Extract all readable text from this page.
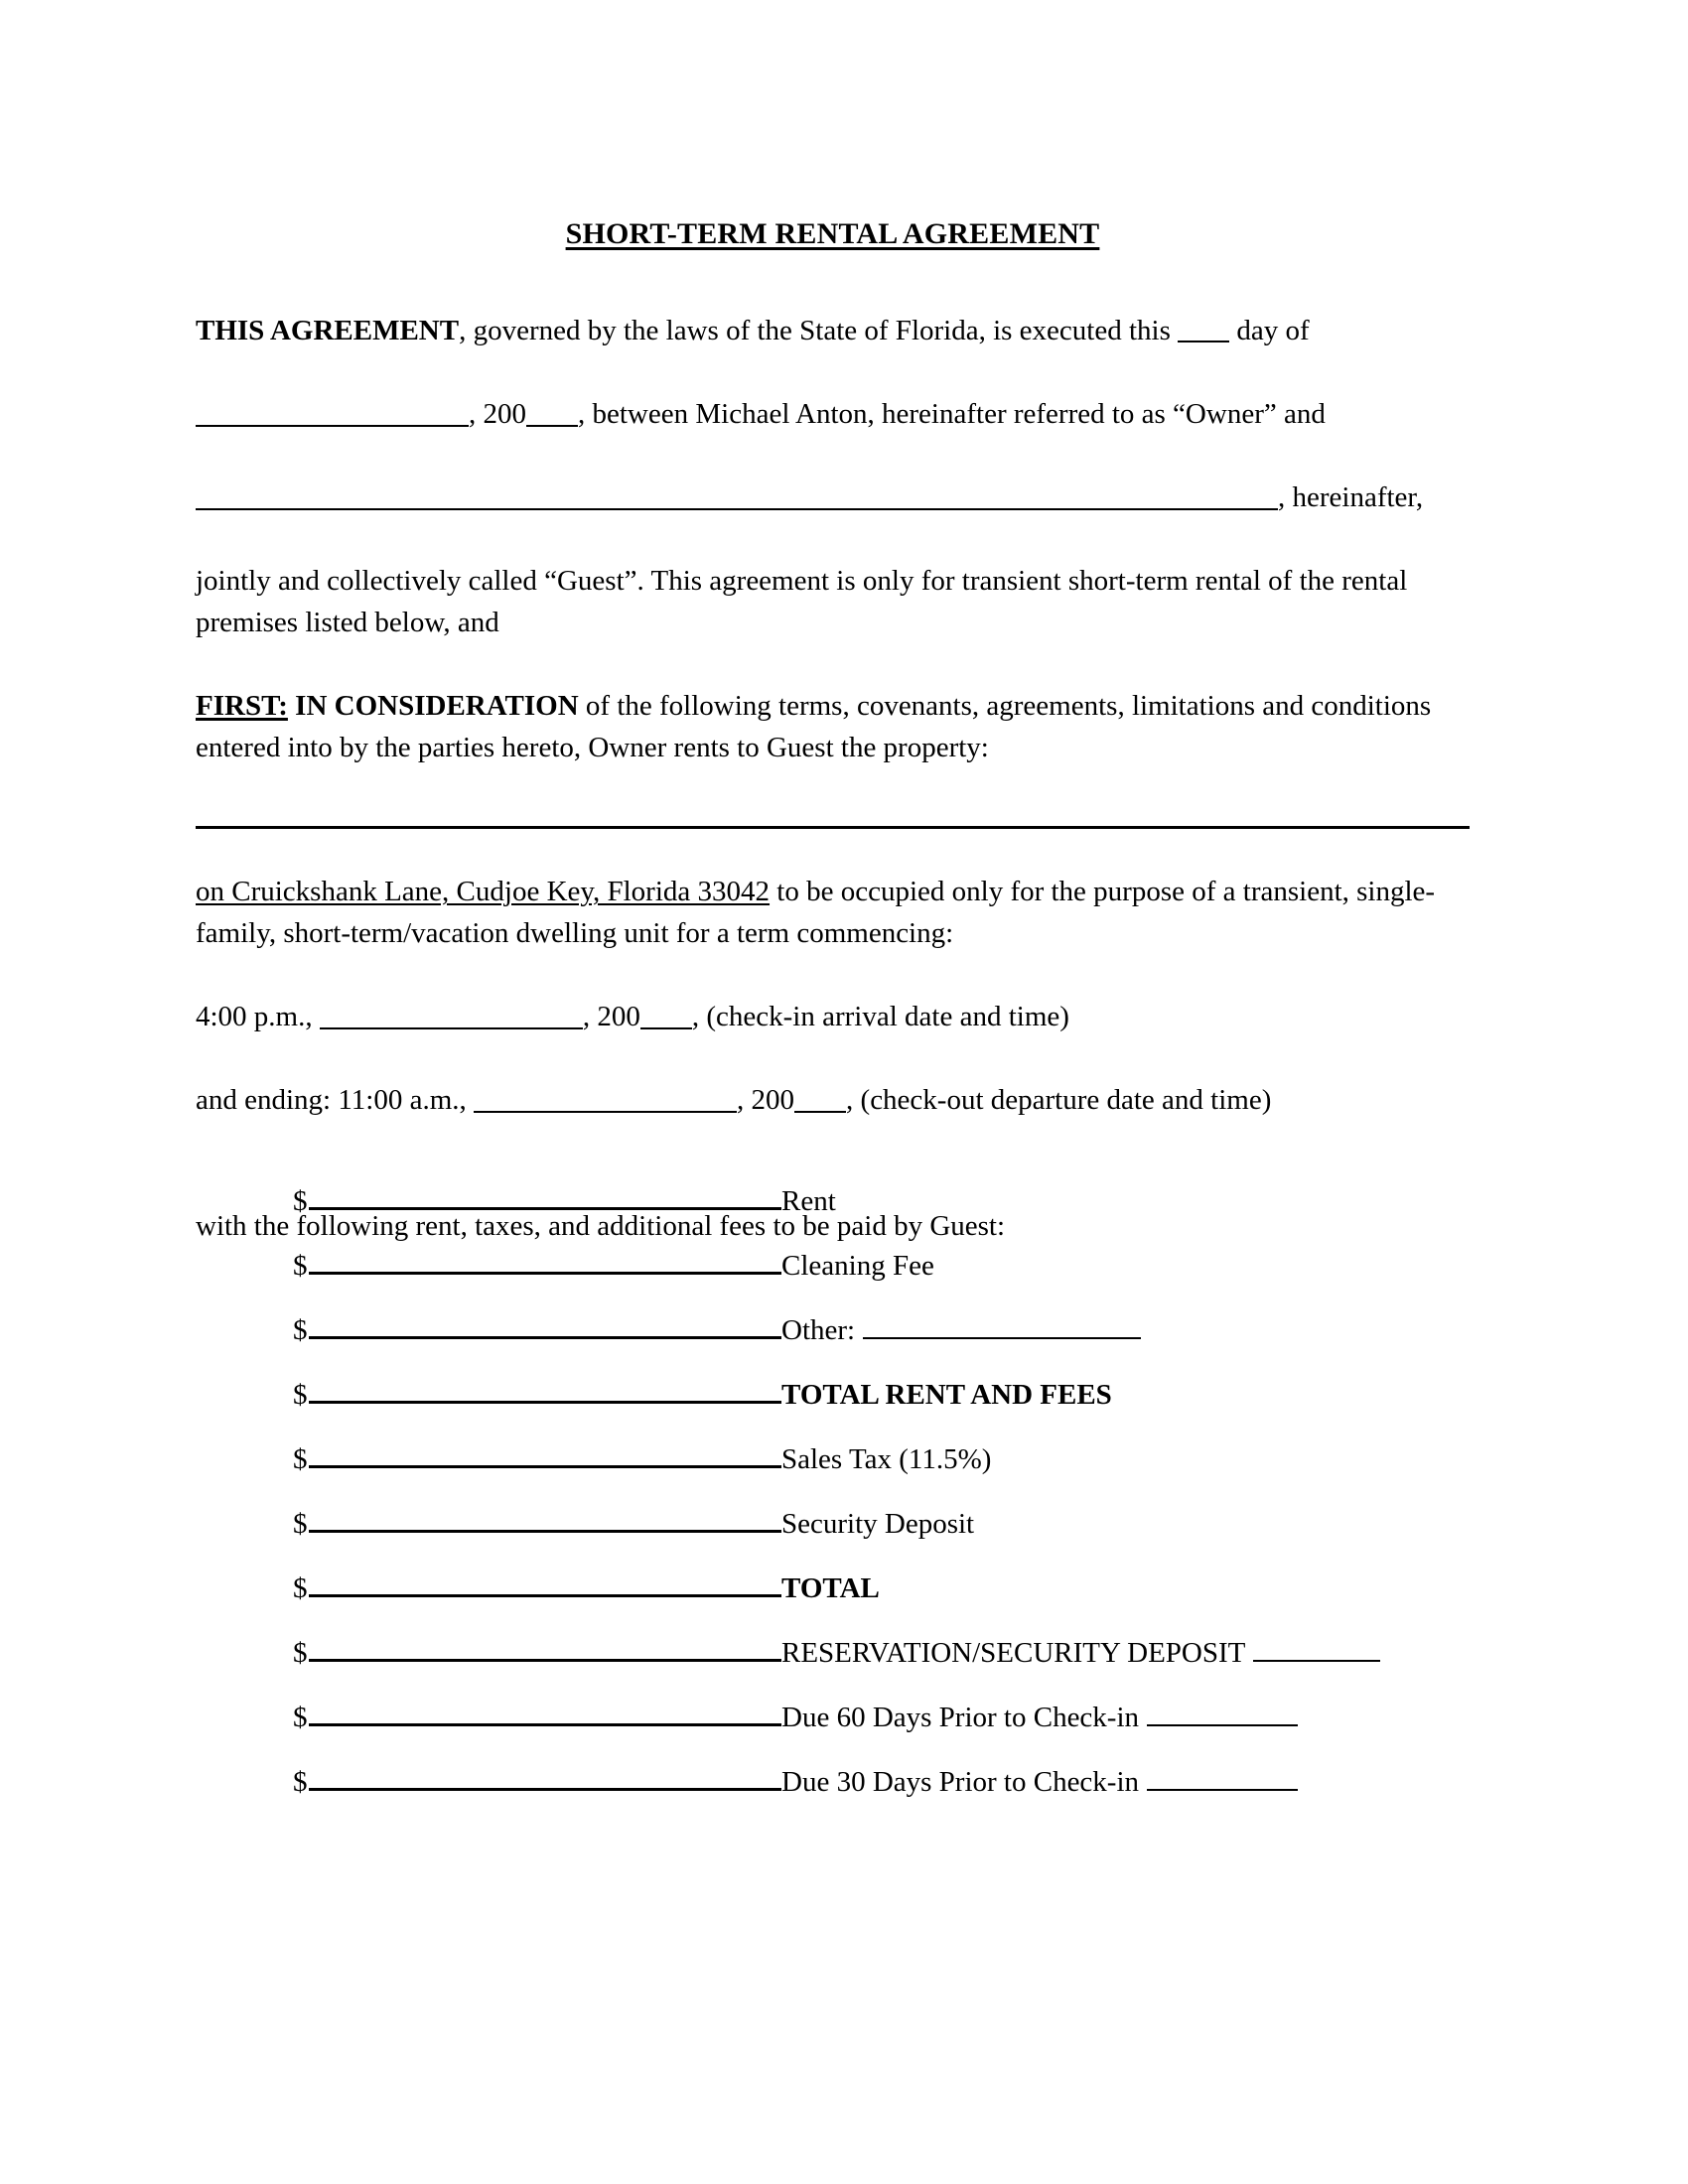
SHORT-TERM RENTAL AGREEMENT

THIS AGREEMENT, governed by the laws of the State of Florida, is executed this  day of

, 200 , between Michael Anton, hereinafter referred to as “Owner” and

, hereinafter,

jointly and collectively called “Guest”. This agreement is only for transient short-term rental of the rental premises listed below, and

FIRST: IN CONSIDERATION of the following terms, covenants, agreements, limitations and conditions entered into by the parties hereto, Owner rents to Guest the property:

on Cruickshank Lane, Cudjoe Key, Florida 33042 to be occupied only for the purpose of a transient, single-family, short-term/vacation dwelling unit for a term commencing:

4:00 p.m.,	, 200 , (check-in arrival date and time)

and ending: 11:00 a.m.,	, 200 , (check-out departure date and time)

with the following rent, taxes, and additional fees to be paid by Guest:

$	Rent
$	Cleaning Fee
$	Other:
$	TOTAL RENT AND FEES
$	Sales Tax (11.5%)
$	Security Deposit
$	TOTAL
$	RESERVATION/SECURITY DEPOSIT
$	Due 60 Days Prior to Check-in
$	Due 30 Days Prior to Check-in
